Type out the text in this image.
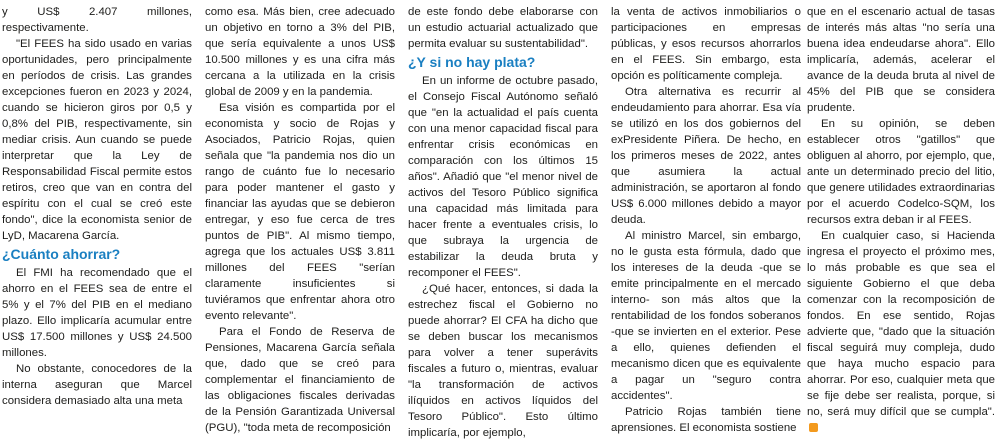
y US$ 2.407 millones, respectivamente.

"El FEES ha sido usado en varias oportunidades, pero principalmente en períodos de crisis. Las grandes excepciones fueron en 2023 y 2024, cuando se hicieron giros por 0,5 y 0,8% del PIB, respectivamente, sin mediar crisis. Aun cuando se puede interpretar que la Ley de Responsabilidad Fiscal permite estos retiros, creo que van en contra del espíritu con el cual se creó este fondo", dice la economista senior de LyD, Macarena García.

¿Cuánto ahorrar?

El FMI ha recomendado que el ahorro en el FEES sea de entre el 5% y el 7% del PIB en el mediano plazo. Ello implicaría acumular entre US$ 17.500 millones y US$ 24.500 millones.

No obstante, conocedores de la interna aseguran que Marcel considera demasiado alta una meta

como esa. Más bien, cree adecuado un objetivo en torno a 3% del PIB, que sería equivalente a unos US$ 10.500 millones y es una cifra más cercana a la utilizada en la crisis global de 2009 y en la pandemia.

Esa visión es compartida por el economista y socio de Rojas y Asociados, Patricio Rojas, quien señala que "la pandemia nos dio un rango de cuánto fue lo necesario para poder mantener el gasto y financiar las ayudas que se debieron entregar, y eso fue cerca de tres puntos de PIB". Al mismo tiempo, agrega que los actuales US$ 3.811 millones del FEES "serían claramente insuficientes si tuviéramos que enfrentar ahora otro evento relevante".

Para el Fondo de Reserva de Pensiones, Macarena García señala que, dado que se creó para complementar el financiamiento de las obligaciones fiscales derivadas de la Pensión Garantizada Universal (PGU), "toda meta de recomposición

de este fondo debe elaborarse con un estudio actuarial actualizado que permita evaluar su sustentabilidad".

¿Y si no hay plata?

En un informe de octubre pasado, el Consejo Fiscal Autónomo señaló que "en la actualidad el país cuenta con una menor capacidad fiscal para enfrentar crisis económicas en comparación con los últimos 15 años". Añadió que "el menor nivel de activos del Tesoro Público significa una capacidad más limitada para hacer frente a eventuales crisis, lo que subraya la urgencia de estabilizar la deuda bruta y recomponer el FEES".

¿Qué hacer, entonces, si dada la estrechez fiscal el Gobierno no puede ahorrar? El CFA ha dicho que se deben buscar los mecanismos para volver a tener superávits fiscales a futuro o, mientras, evaluar "la transformación de activos ilíquidos en activos líquidos del Tesoro Público". Esto último implicaría, por ejemplo,

la venta de activos inmobiliarios o participaciones en empresas públicas, y esos recursos ahorrarlos en el FEES. Sin embargo, esta opción es políticamente compleja.

Otra alternativa es recurrir al endeudamiento para ahorrar. Esa vía se utilizó en los dos gobiernos del exPresidente Piñera. De hecho, en los primeros meses de 2022, antes que asumiera la actual administración, se aportaron al fondo US$ 6.000 millones debido a mayor deuda.

Al ministro Marcel, sin embargo, no le gusta esta fórmula, dado que los intereses de la deuda -que se emite principalmente en el mercado interno- son más altos que la rentabilidad de los fondos soberanos -que se invierten en el exterior. Pese a ello, quienes defienden el mecanismo dicen que es equivalente a pagar un "seguro contra accidentes".

Patricio Rojas también tiene aprensiones. El economista sostiene

que en el escenario actual de tasas de interés más altas "no sería una buena idea endeudarse ahora". Ello implicaría, además, acelerar el avance de la deuda bruta al nivel de 45% del PIB que se considera prudente.

En su opinión, se deben establecer otros "gatillos" que obliguen al ahorro, por ejemplo, que, ante un determinado precio del litio, que genere utilidades extraordinarias por el acuerdo Codelco-SQM, los recursos extra deban ir al FEES.

En cualquier caso, si Hacienda ingresa el proyecto el próximo mes, lo más probable es que sea el siguiente Gobierno el que deba comenzar con la recomposición de fondos. En ese sentido, Rojas advierte que, "dado que la situación fiscal seguirá muy compleja, dudo que haya mucho espacio para ahorrar. Por eso, cualquier meta que se fije debe ser realista, porque, si no, será muy difícil que se cumpla".
